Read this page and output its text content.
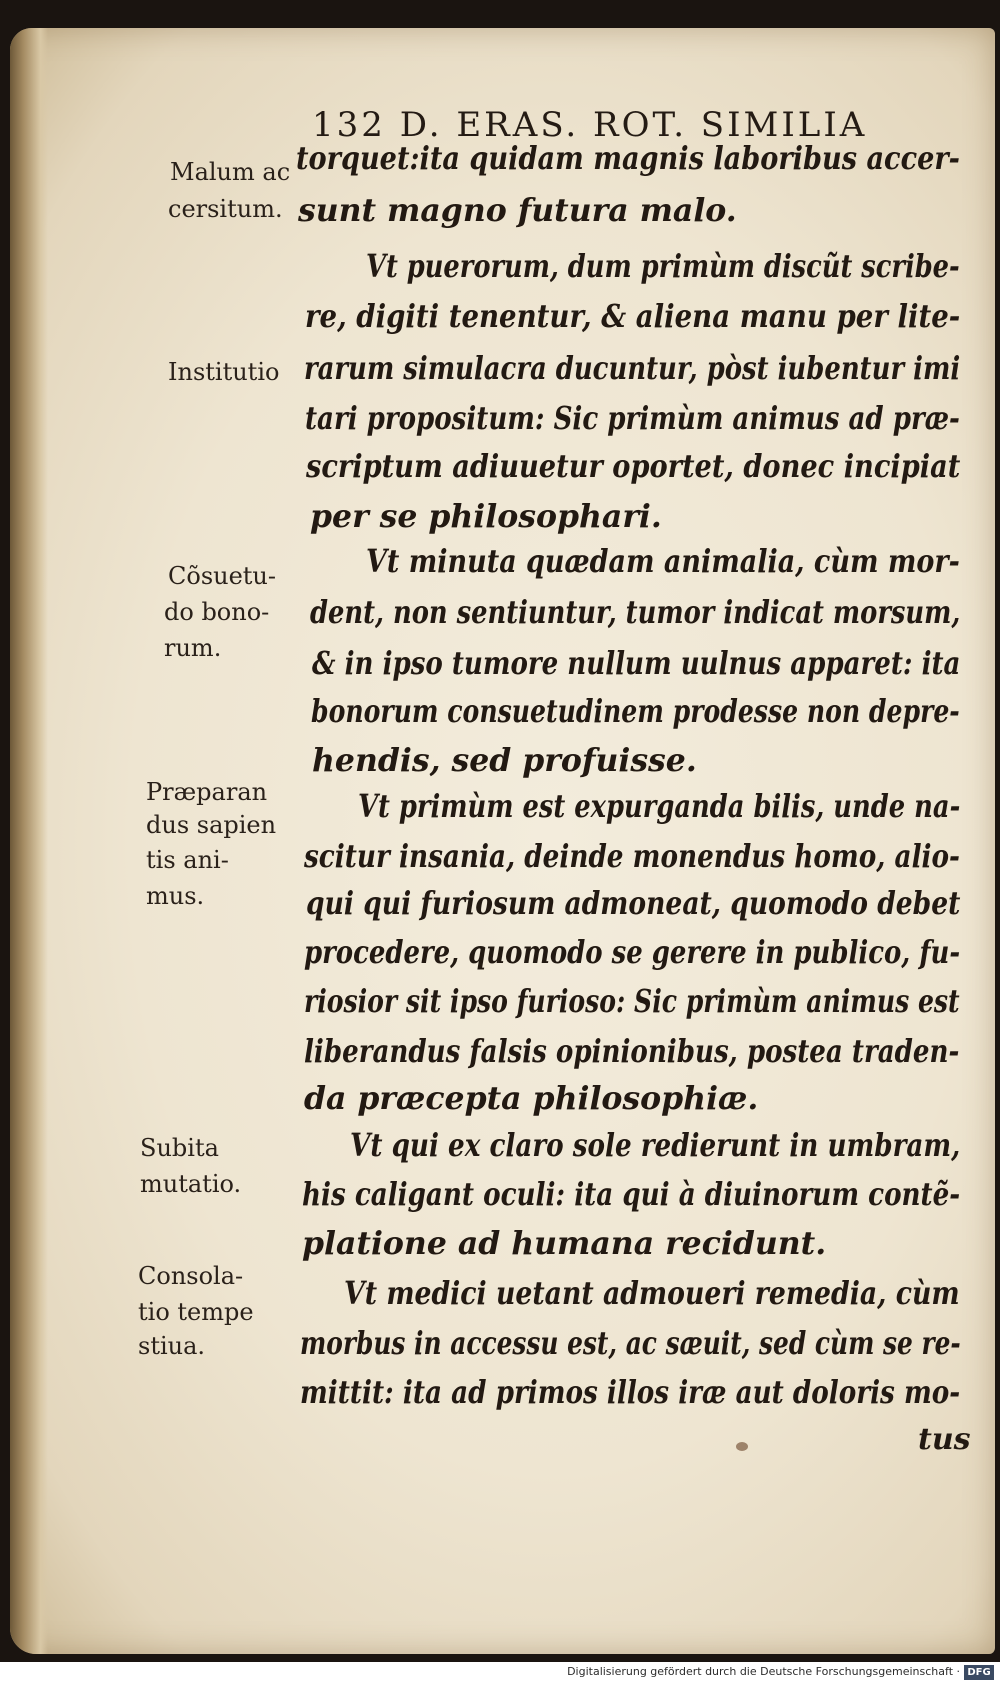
132 D. ERAS. ROT. SIMILIA
torquet:ita quidam magnis laboribus accer-
sunt magno futura malo.
Vt puerorum, dum primùm discũt scribe-
re, digiti tenentur, & aliena manu per lite-
rarum simulacra ducuntur, pòst iubentur imi
tari propositum: Sic primùm animus ad præ-
scriptum adiuuetur oportet, donec incipiat
per se philosophari.
Vt minuta quædam animalia, cùm mor-
dent, non sentiuntur, tumor indicat morsum,
& in ipso tumore nullum uulnus apparet: ita
bonorum consuetudinem prodesse non depre-
hendis, sed profuisse.
Vt primùm est expurganda bilis, unde na-
scitur insania, deinde monendus homo, alio-
qui qui furiosum admoneat, quomodo debet
procedere, quomodo se gerere in publico, fu-
riosior sit ipso furioso: Sic primùm animus est
liberandus falsis opinionibus, postea traden-
da præcepta philosophiæ.
Vt qui ex claro sole redierunt in umbram,
his caligant oculi: ita qui à diuinorum contẽ-
platione ad humana recidunt.
Vt medici uetant admoueri remedia, cùm
morbus in accessu est, ac sæuit, sed cùm se re-
mittit: ita ad primos illos iræ aut doloris mo-
tus
Malum ac
cersitum.
Institutio
Cõsuetu-
do bono-
rum.
Præparan
dus sapien
tis ani-
mus.
Subita
mutatio.
Consola-
tio tempe
stiua.
Digitalisierung gefördert durch die Deutsche Forschungsgemeinschaft · DFG
